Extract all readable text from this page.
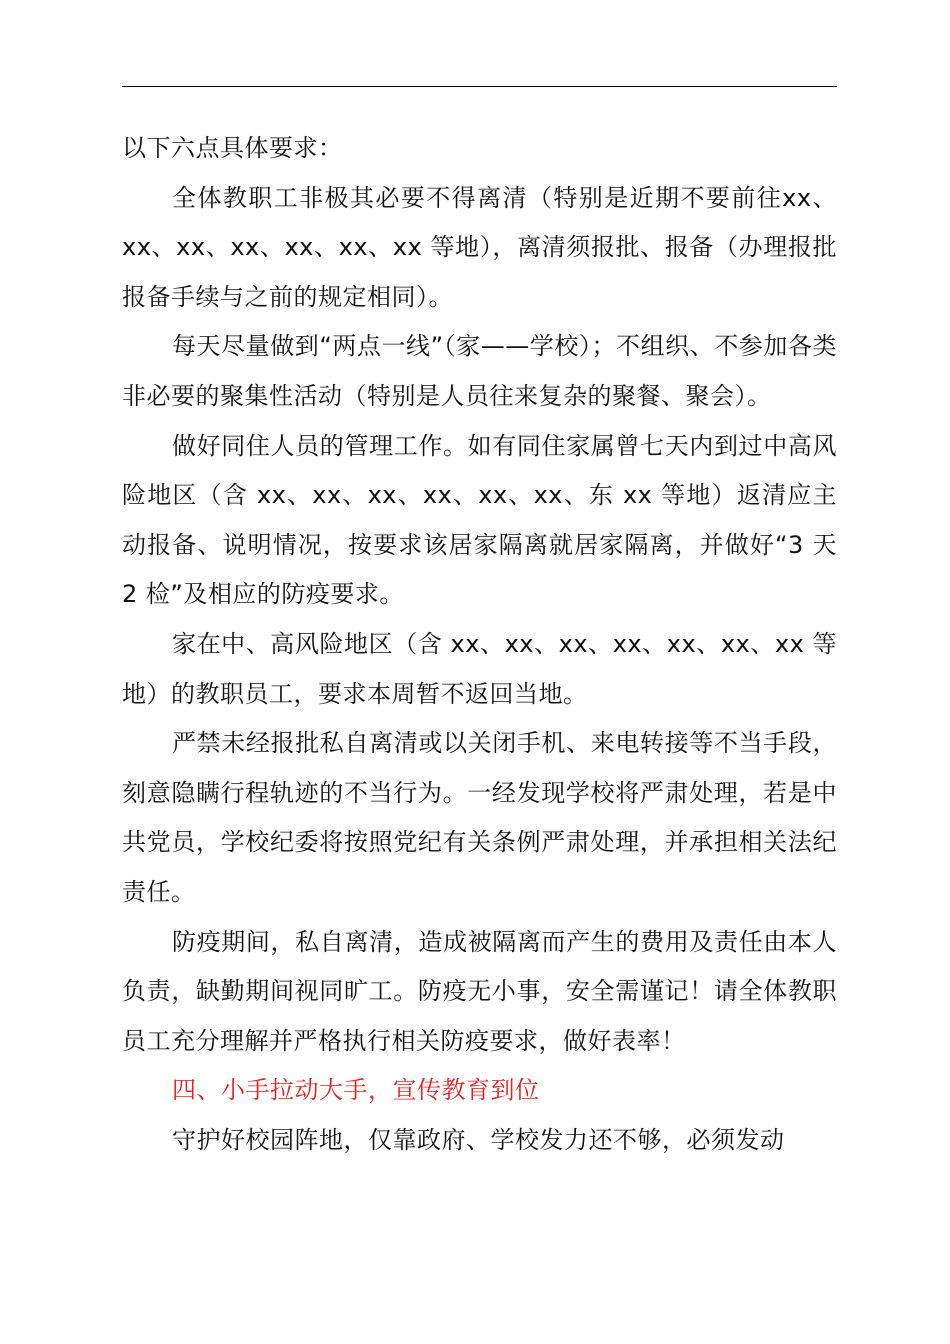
以下六点具体要求：

全体教职工非极其必要不得离清（特别是近期不要前往xx、xx、xx、xx、xx、xx、xx 等地），离清须报批、报备（办理报批报备手续与之前的规定相同）。

每天尽量做到“两点一线”（家——学校）；不组织、不参加各类非必要的聚集性活动（特别是人员往来复杂的聚餐、聚会）。

做好同住人员的管理工作。如有同住家属曾七天内到过中高风险地区（含 xx、xx、xx、xx、xx、xx、东 xx 等地）返清应主动报备、说明情况，按要求该居家隔离就居家隔离，并做好“3 天 2 检”及相应的防疫要求。

家在中、高风险地区（含 xx、xx、xx、xx、xx、xx、xx 等地）的教职员工，要求本周暂不返回当地。

严禁未经报批私自离清或以关闭手机、来电转接等不当手段，刻意隐瞒行程轨迹的不当行为。一经发现学校将严肃处理，若是中共党员，学校纪委将按照党纪有关条例严肃处理，并承担相关法纪责任。

防疫期间，私自离清，造成被隔离而产生的费用及责任由本人负责，缺勤期间视同旷工。防疫无小事，安全需谨记！请全体教职员工充分理解并严格执行相关防疫要求，做好表率！

四、小手拉动大手，宣传教育到位

守护好校园阵地，仅靠政府、学校发力还不够，必须发动
